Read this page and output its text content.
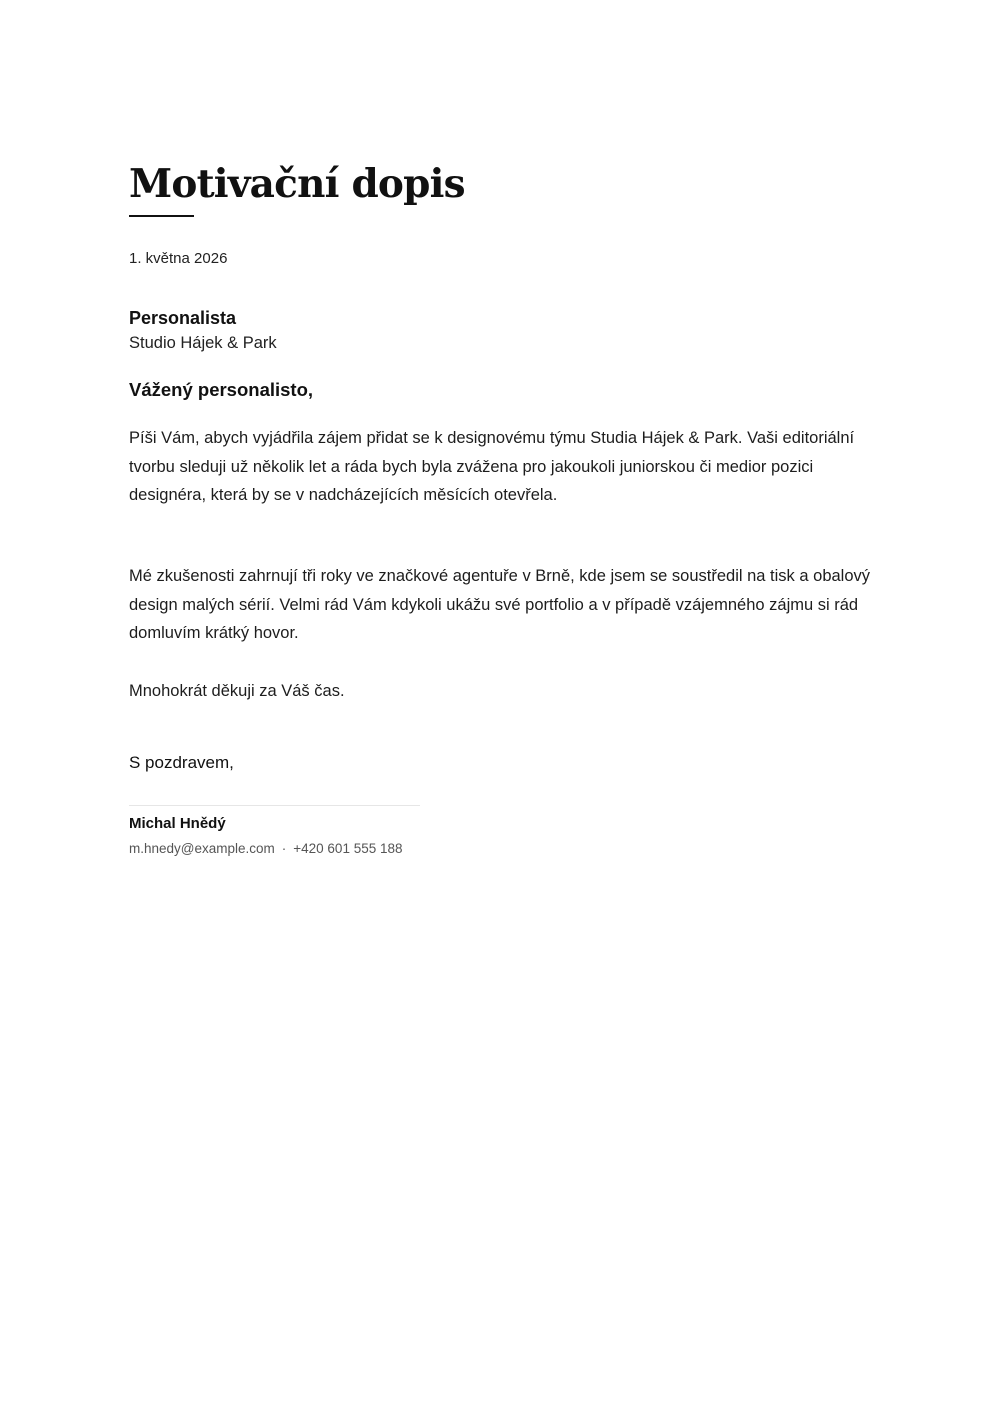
Motivační dopis
1. května 2026
Personalista
Studio Hájek & Park
Vážený personalisto,

Píši Vám, abych vyjádřila zájem přidat se k designovému týmu Studia Hájek & Park. Vaši editoriální tvorbu sleduji už několik let a ráda bych byla zvážena pro jakoukoli juniorskou či medior pozici designéra, která by se v nadcházejících měsících otevřela.

Mé zkušenosti zahrnují tři roky ve značkové agentuře v Brně, kde jsem se soustředil na tisk a obalový design malých sérií. Velmi rád Vám kdykoli ukážu své portfolio a v případě vzájemného zájmu si rád domluvím krátký hovor.

Mnohokrát děkuji za Váš čas.

S pozdravem,
Michal Hnědý
m.hnedy@example.com · +420 601 555 188
